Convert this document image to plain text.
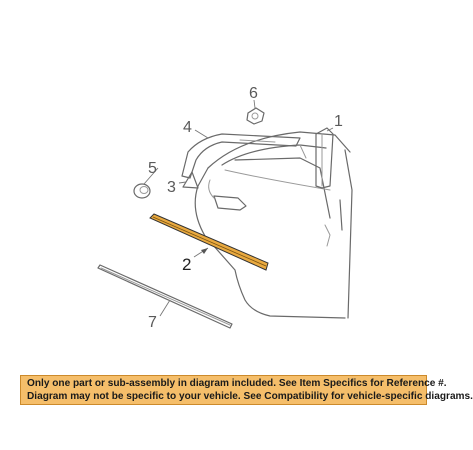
1
2
3
4
5
6
7
Only one part or sub-assembly in diagram included. See Item Specifics for Reference #.
Diagram may not be specific to your vehicle. See Compatibility for vehicle-specific diagrams.
